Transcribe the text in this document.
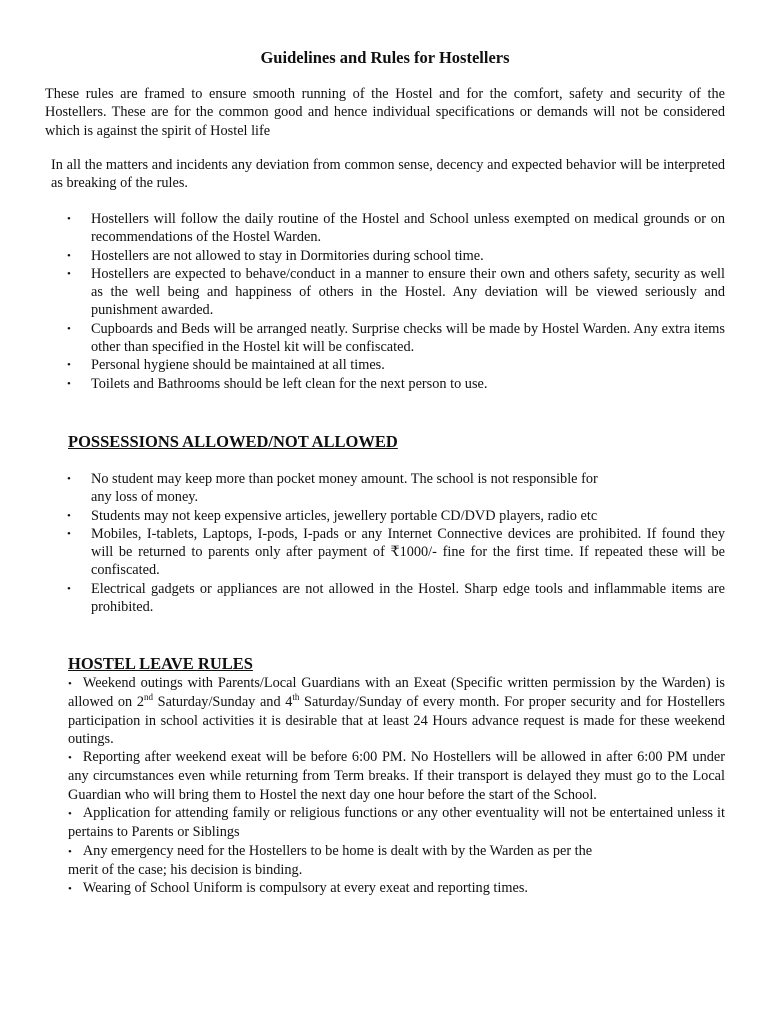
Guidelines and Rules for Hostellers

These rules are framed to ensure smooth running of the Hostel and for the comfort, safety and security of the Hostellers. These are for the common good and hence individual specifications or demands will not be considered which is against the spirit of Hostel life

In all the matters and incidents any deviation from common sense, decency and expected behavior will be interpreted as breaking of the rules.

• Hostellers will follow the daily routine of the Hostel and School unless exempted on medical grounds or on recommendations of the Hostel Warden.
• Hostellers are not allowed to stay in Dormitories during school time.
• Hostellers are expected to behave/conduct in a manner to ensure their own and others safety, security as well as the well being and happiness of others in the Hostel. Any deviation will be viewed seriously and punishment awarded.
• Cupboards and Beds will be arranged neatly. Surprise checks will be made by Hostel Warden. Any extra items other than specified in the Hostel kit will be confiscated.
• Personal hygiene should be maintained at all times.
• Toilets and Bathrooms should be left clean for the next person to use.
POSSESSIONS ALLOWED/NOT ALLOWED
• No student may keep more than pocket money amount. The school is not responsible for
any loss of money.
• Students may not keep expensive articles, jewellery portable CD/DVD players, radio etc
• Mobiles, I-tablets, Laptops, I-pods, I-pads or any Internet Connective devices are prohibited. If found they will be returned to parents only after payment of ₹1000/- fine for the first time. If repeated these will be confiscated.
• Electrical gadgets or appliances are not allowed in the Hostel. Sharp edge tools and inflammable items are prohibited.
HOSTEL LEAVE RULES

• Weekend outings with Parents/Local Guardians with an Exeat (Specific written permission by the Warden) is allowed on 2nd Saturday/Sunday and 4th Saturday/Sunday of every month. For proper security and for Hostellers participation in school activities it is desirable that at least 24 Hours advance request is made for these weekend outings.

• Reporting after weekend exeat will be before 6:00 PM. No Hostellers will be allowed in after 6:00 PM under any circumstances even while returning from Term breaks. If their transport is delayed they must go to the Local Guardian who will bring them to Hostel the next day one hour before the start of the School.

• Application for attending family or religious functions or any other eventuality will not be entertained unless it pertains to Parents or Siblings

• Any emergency need for the Hostellers to be home is dealt with by the Warden as per the
merit of the case; his decision is binding.

• Wearing of School Uniform is compulsory at every exeat and reporting times.
